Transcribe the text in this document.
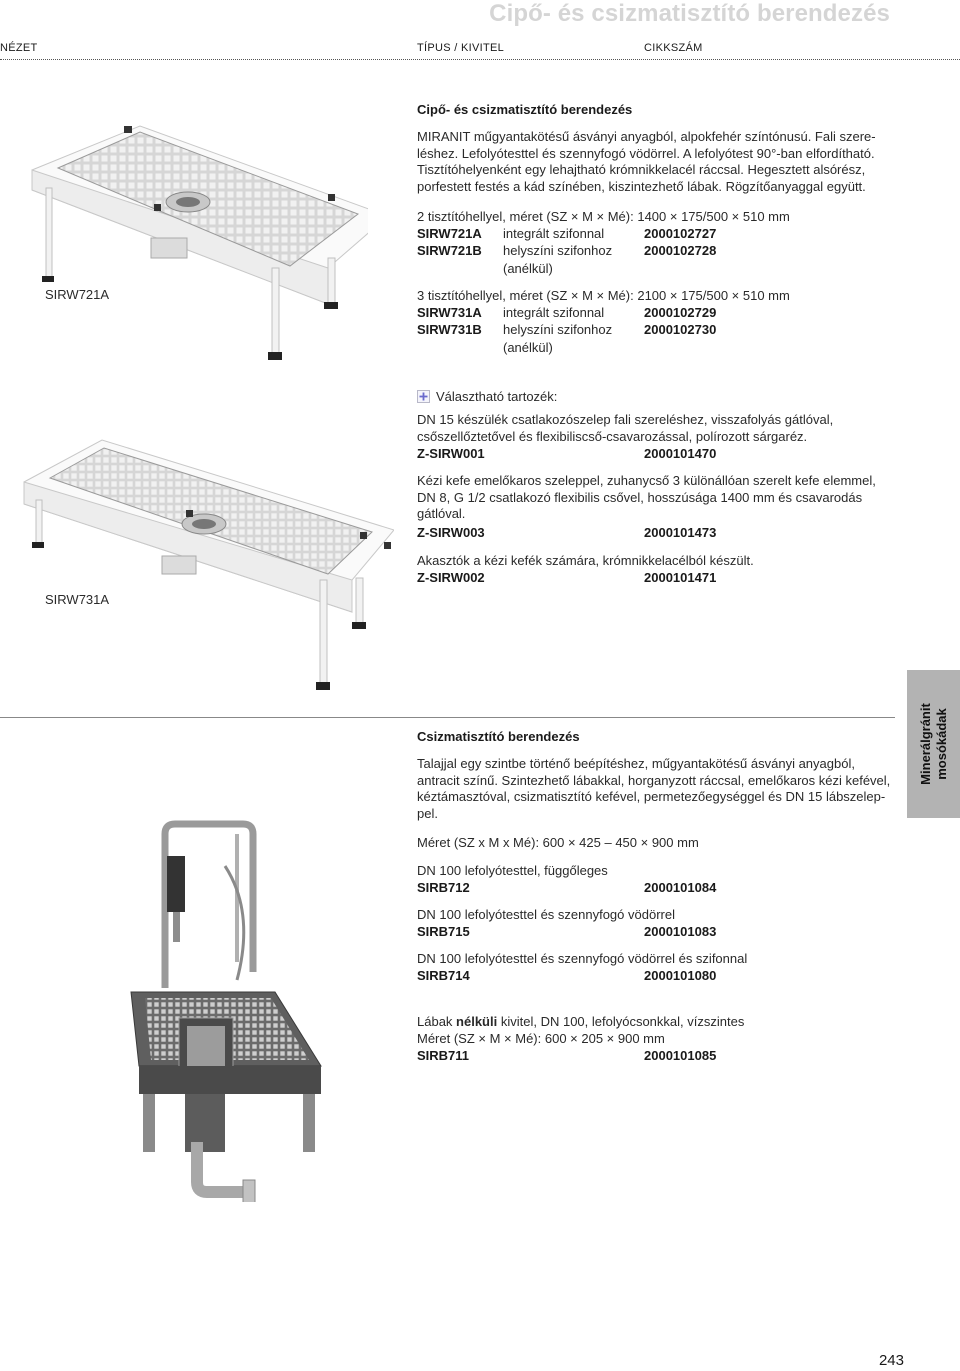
Cipő- és csizmatisztító berendezés
NÉZET	TÍPUS / KIVITEL	CIKKSZÁM
Cipő- és csizmatisztító berendezés
MIRANIT műgyantakötésű ásványi anyagból, alpokfehér színtónusú. Fali szere-
léshez. Lefolyótesttel és szennyfogó vödörrel. A lefolyótest 90°-ban elfordítható.
Tisztítóhelyenként egy lehajtható krómnikkelacél ráccsal. Hegesztett alsórész,
porfestett festés a kád színében, kiszintezhető lábak. Rögzítőanyaggal együtt.
2 tisztítóhellyel, méret (SZ × M × Mé): 1400 × 175/500 × 510 mm
SIRW721A integrált szifonnal	2000102727
SIRW721B helyszíni szifonhoz 2000102728
(anélkül)
3 tisztítóhellyel, méret (SZ × M × Mé): 2100 × 175/500 × 510 mm
SIRW731A integrált szifonnal	2000102729
SIRW731B helyszíni szifonhoz 2000102730
(anélkül)
SIRW721A
SIRW731A
Választható tartozék:
DN 15 készülék csatlakozószelep fali szereléshez, visszafolyás gátlóval,
csőszellőztetővel és flexibiliscső-csavarozással, polírozott sárgaréz.
Z-SIRW001	2000101470
Kézi kefe emelőkaros szeleppel, zuhanycső 3 különállóan szerelt kefe elemmel,
DN 8, G 1/2 csatlakozó flexibilis csővel, hosszúsága 1400 mm és csavarodás
gátlóval.
Z-SIRW003	2000101473
Akasztók a kézi kefék számára, krómnikkelacélból készült.
Z-SIRW002	2000101471
Minerálgránit mosókádak
Csizmatisztító berendezés
Talajjal egy szintbe történő beépítéshez, műgyantakötésű ásványi anyagból,
antracit színű. Szintezhető lábakkal, horganyzott ráccsal, emelőkaros kézi kefével,
kéztámasztóval, csizmatisztító kefével, permetezőegységgel és DN 15 lábszelep-
pel.
Méret (SZ x M x Mé): 600 × 425 – 450 × 900 mm
DN 100 lefolyótesttel, függőleges
SIRB712	2000101084
DN 100 lefolyótesttel és szennyfogó vödörrel
SIRB715	2000101083
DN 100 lefolyótesttel és szennyfogó vödörrel és szifonnal
SIRB714	2000101080
Lábak nélküli kivitel, DN 100, lefolyócsonkkal, vízszintes
Méret (SZ × M × Mé): 600 × 205 × 900 mm
SIRB711	2000101085
243
